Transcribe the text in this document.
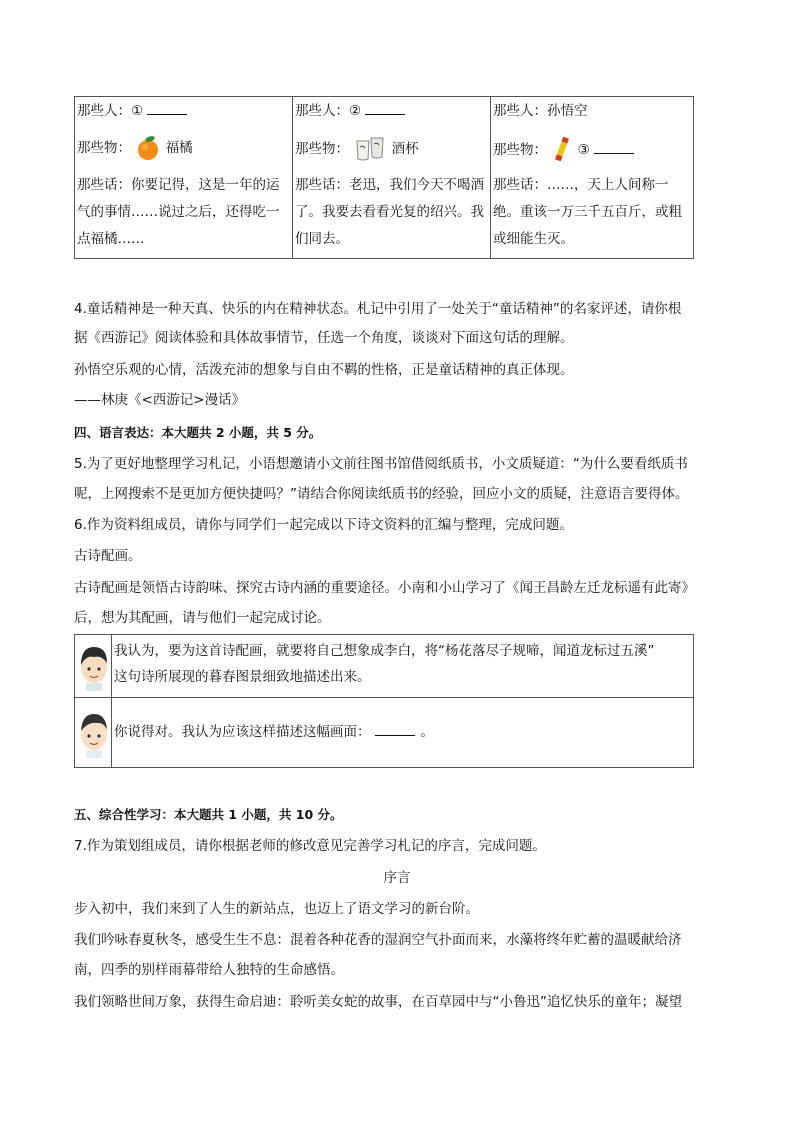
那些人：①
那些物：	福橘
那些话：你要记得，这是一年的运气的事情……说过之后，还得吃一点福橘……
那些人：②
那些物：	酒杯
那些话：老迅，我们今天不喝酒了。我要去看看光复的绍兴。我们同去。
那些人：孙悟空
那些物： ③
那些话：……，天上人间称一绝。重该一万三千五百斤，或粗或细能生灭。
4.童话精神是一种天真、快乐的内在精神状态。札记中引用了一处关于“童话精神”的名家评述，请你根
据《西游记》阅读体验和具体故事情节，任选一个角度，谈谈对下面这句话的理解。
孙悟空乐观的心情，活泼充沛的想象与自由不羁的性格，正是童话精神的真正体现。
——林庚《<西游记>漫话》
四、语言表达：本大题共 2 小题，共 5 分。
5.为了更好地整理学习札记，小语想邀请小文前往图书馆借阅纸质书，小文质疑道：“为什么要看纸质书
呢，上网搜索不是更加方便快捷吗？”请结合你阅读纸质书的经验，回应小文的质疑，注意语言要得体。
6.作为资料组成员，请你与同学们一起完成以下诗文资料的汇编与整理，完成问题。
古诗配画。
古诗配画是领悟古诗韵味、探究古诗内涵的重要途径。小南和小山学习了《闻王昌龄左迁龙标遥有此寄》
后，想为其配画，请与他们一起完成讨论。
我认为，要为这首诗配画，就要将自己想象成李白，将“杨花落尽子规啼，闻道龙标过五溪”
这句诗所展现的暮春图景细致地描述出来。
你说得对。我认为应该这样描述这幅画面：	。
五、综合性学习：本大题共 1 小题，共 10 分。
7.作为策划组成员，请你根据老师的修改意见完善学习札记的序言，完成问题。
序言
步入初中，我们来到了人生的新站点，也迈上了语文学习的新台阶。
我们吟咏春夏秋冬，感受生生不息：混着各种花香的湿润空气扑面而来，水藻将终年贮蓄的温暖献给济
南，四季的别样雨幕带给人独特的生命感悟。
我们领略世间万象，获得生命启迪：聆听美女蛇的故事，在百草园中与“小鲁迅”追忆快乐的童年；凝望
